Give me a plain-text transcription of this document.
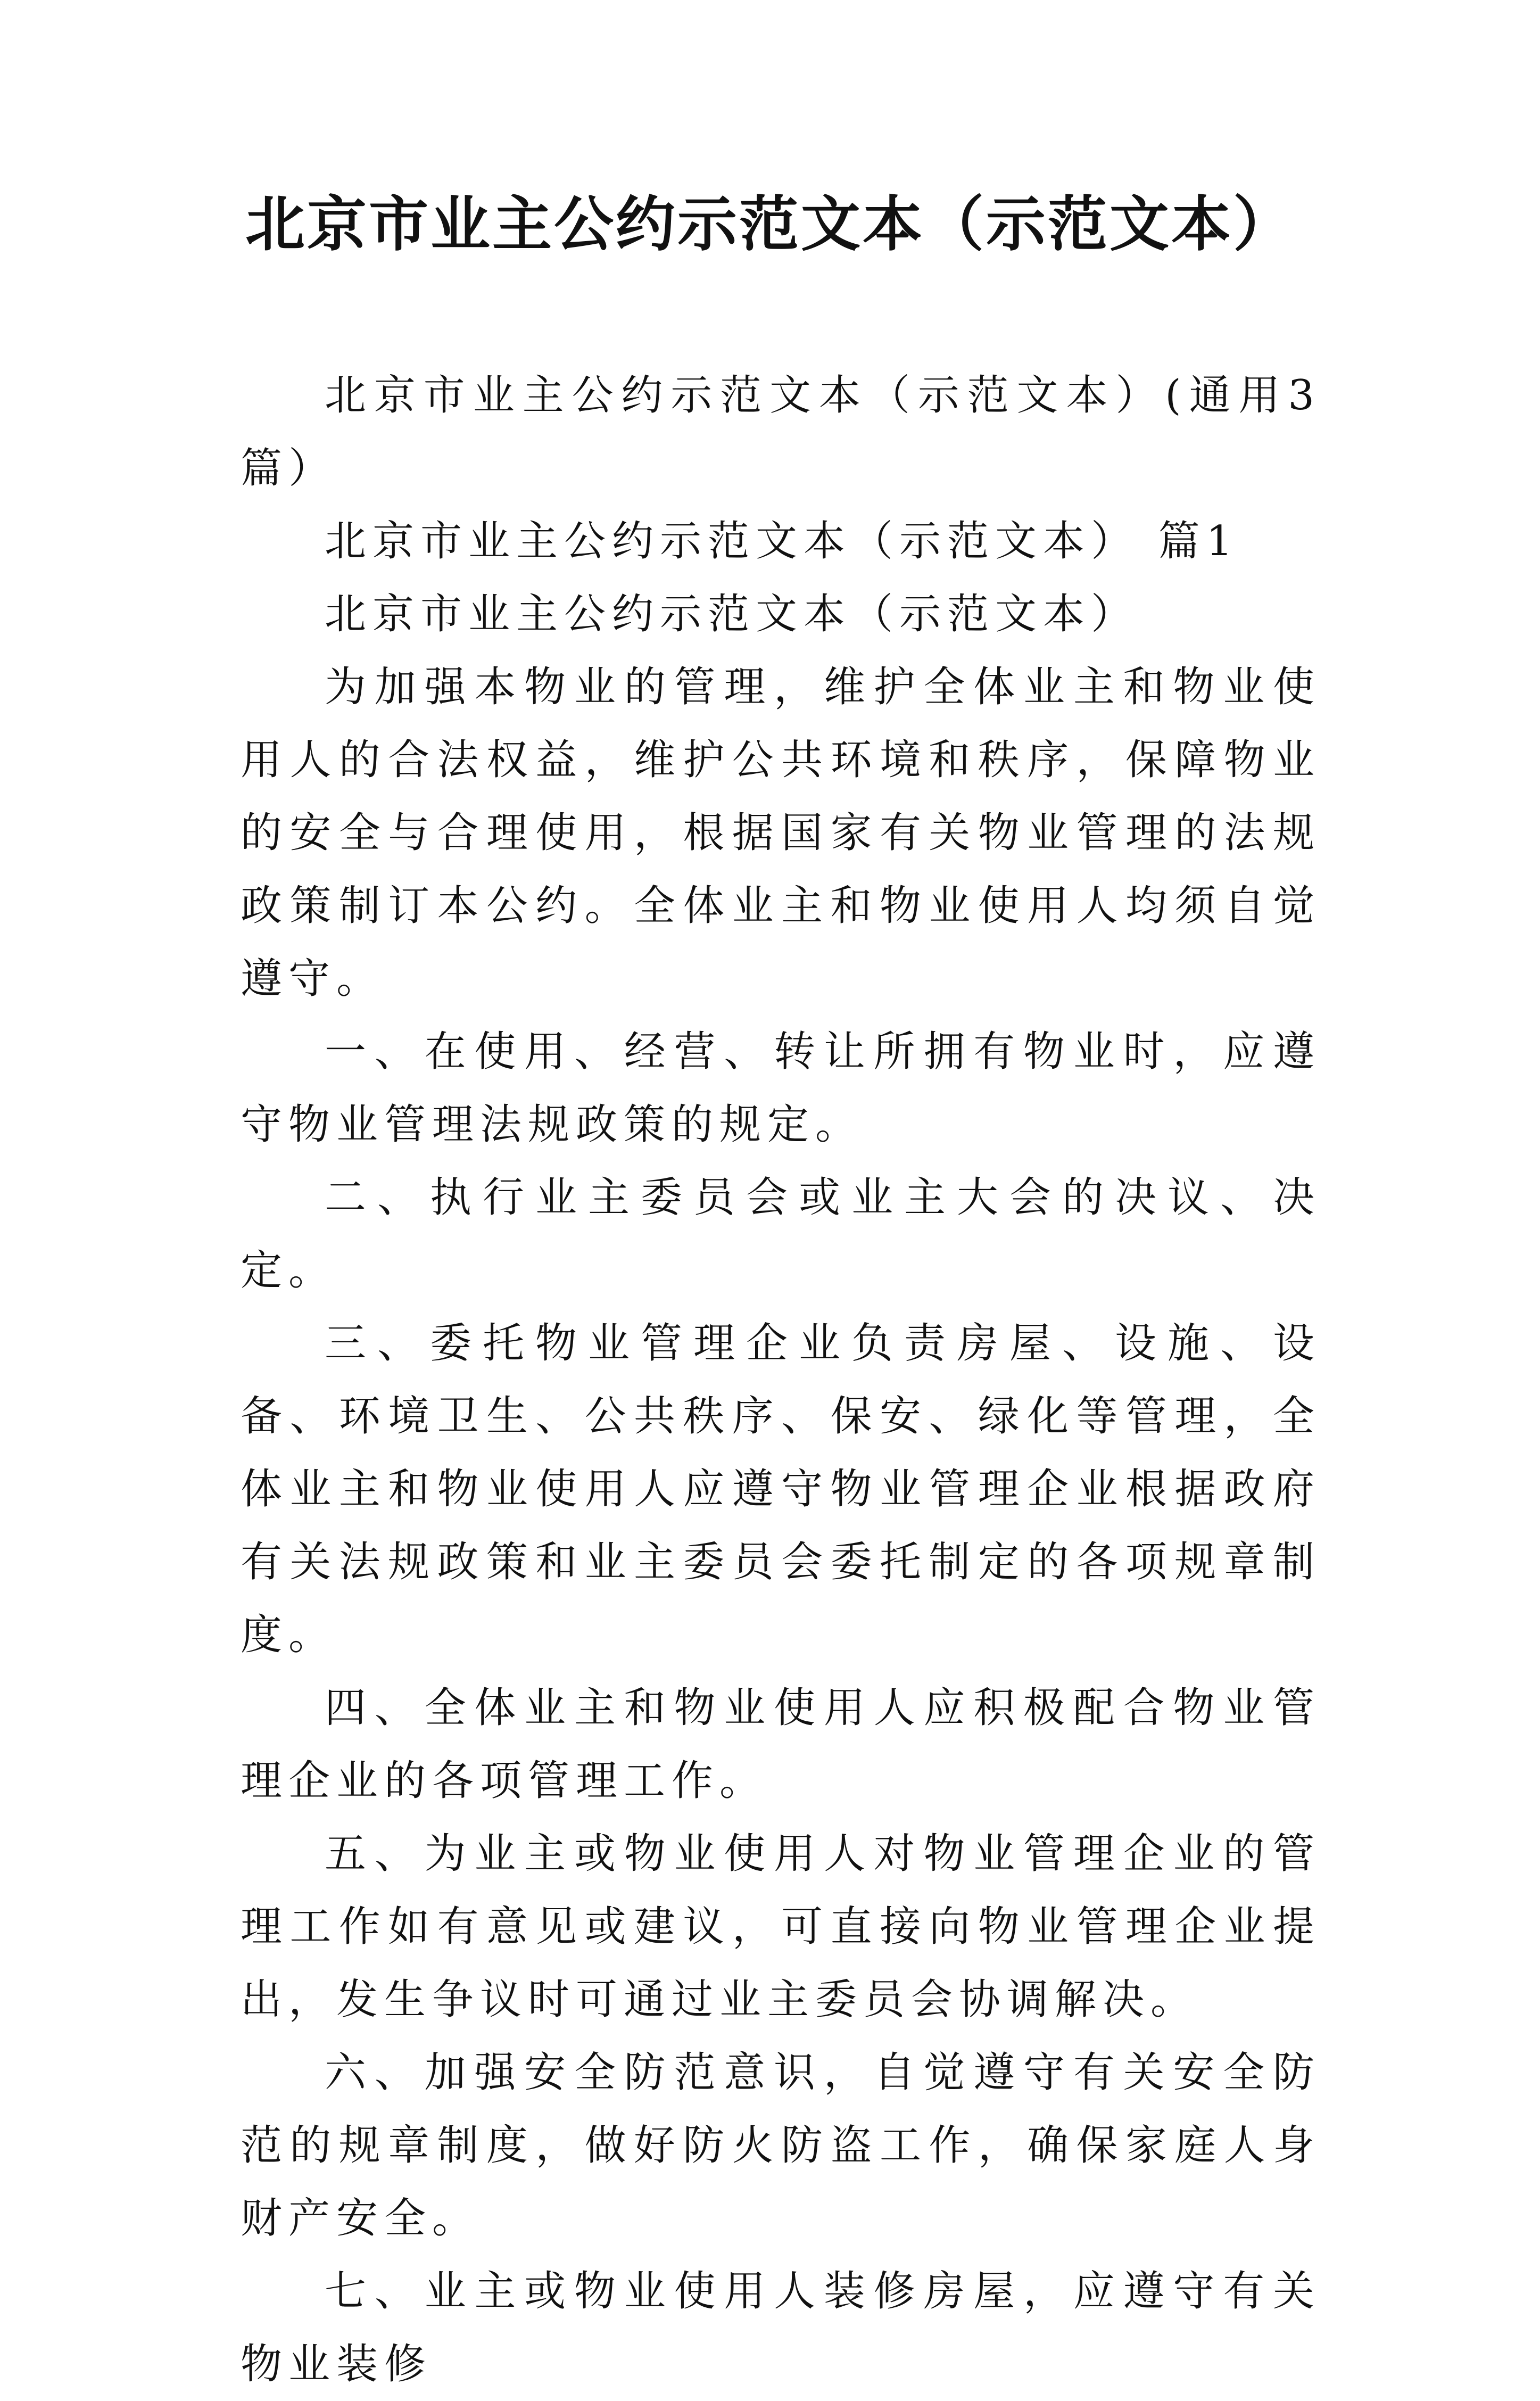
北京市业主公约示范文本（示范文本）

北京市业主公约示范文本（示范文本）(通用3篇）

北京市业主公约示范文本（示范文本） 篇1

北京市业主公约示范文本（示范文本）

为加强本物业的管理，维护全体业主和物业使用人的合法权益，维护公共环境和秩序，保障物业的安全与合理使用，根据国家有关物业管理的法规政策制订本公约。全体业主和物业使用人均须自觉遵守。

一、在使用、经营、转让所拥有物业时，应遵守物业管理法规政策的规定。

二、执行业主委员会或业主大会的决议、决定。

三、委托物业管理企业负责房屋、设施、设备、环境卫生、公共秩序、保安、绿化等管理，全体业主和物业使用人应遵守物业管理企业根据政府有关法规政策和业主委员会委托制定的各项规章制度。

四、全体业主和物业使用人应积极配合物业管理企业的各项管理工作。

五、为业主或物业使用人对物业管理企业的管理工作如有意见或建议，可直接向物业管理企业提出，发生争议时可通过业主委员会协调解决。

六、加强安全防范意识，自觉遵守有关安全防范的规章制度，做好防火防盗工作，确保家庭人身财产安全。

七、业主或物业使用人装修房屋，应遵守有关物业装修
